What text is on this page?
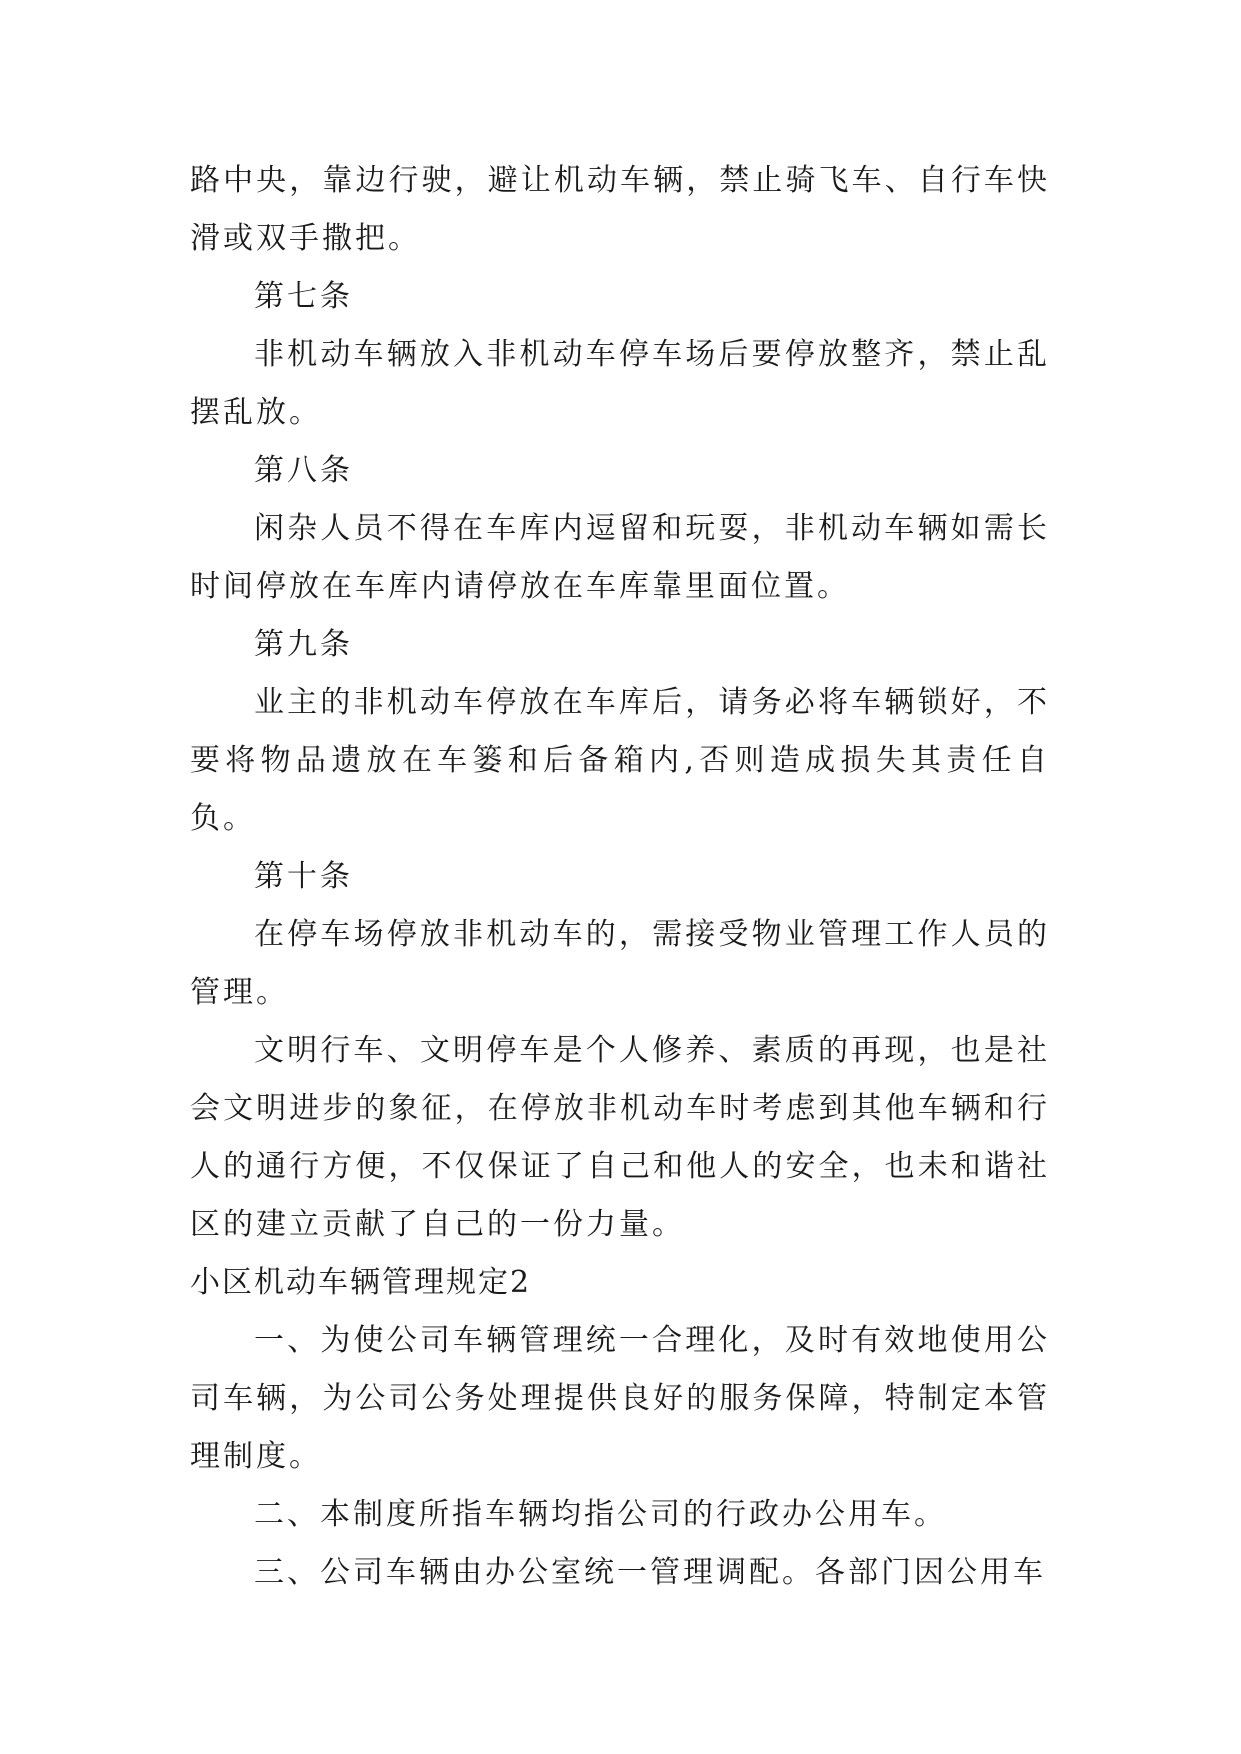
路中央，靠边行驶，避让机动车辆，禁止骑飞车、自行车快滑或双手撒把。

第七条

非机动车辆放入非机动车停车场后要停放整齐，禁止乱摆乱放。

第八条

闲杂人员不得在车库内逗留和玩耍，非机动车辆如需长时间停放在车库内请停放在车库靠里面位置。

第九条

业主的非机动车停放在车库后，请务必将车辆锁好，不要将物品遗放在车篓和后备箱内,否则造成损失其责任自负。

第十条

在停车场停放非机动车的，需接受物业管理工作人员的管理。

文明行车、文明停车是个人修养、素质的再现，也是社会文明进步的象征，在停放非机动车时考虑到其他车辆和行人的通行方便，不仅保证了自己和他人的安全，也未和谐社区的建立贡献了自己的一份力量。

小区机动车辆管理规定2

一、为使公司车辆管理统一合理化，及时有效地使用公司车辆，为公司公务处理提供良好的服务保障，特制定本管理制度。

二、本制度所指车辆均指公司的行政办公用车。

三、公司车辆由办公室统一管理调配。各部门因公用车
